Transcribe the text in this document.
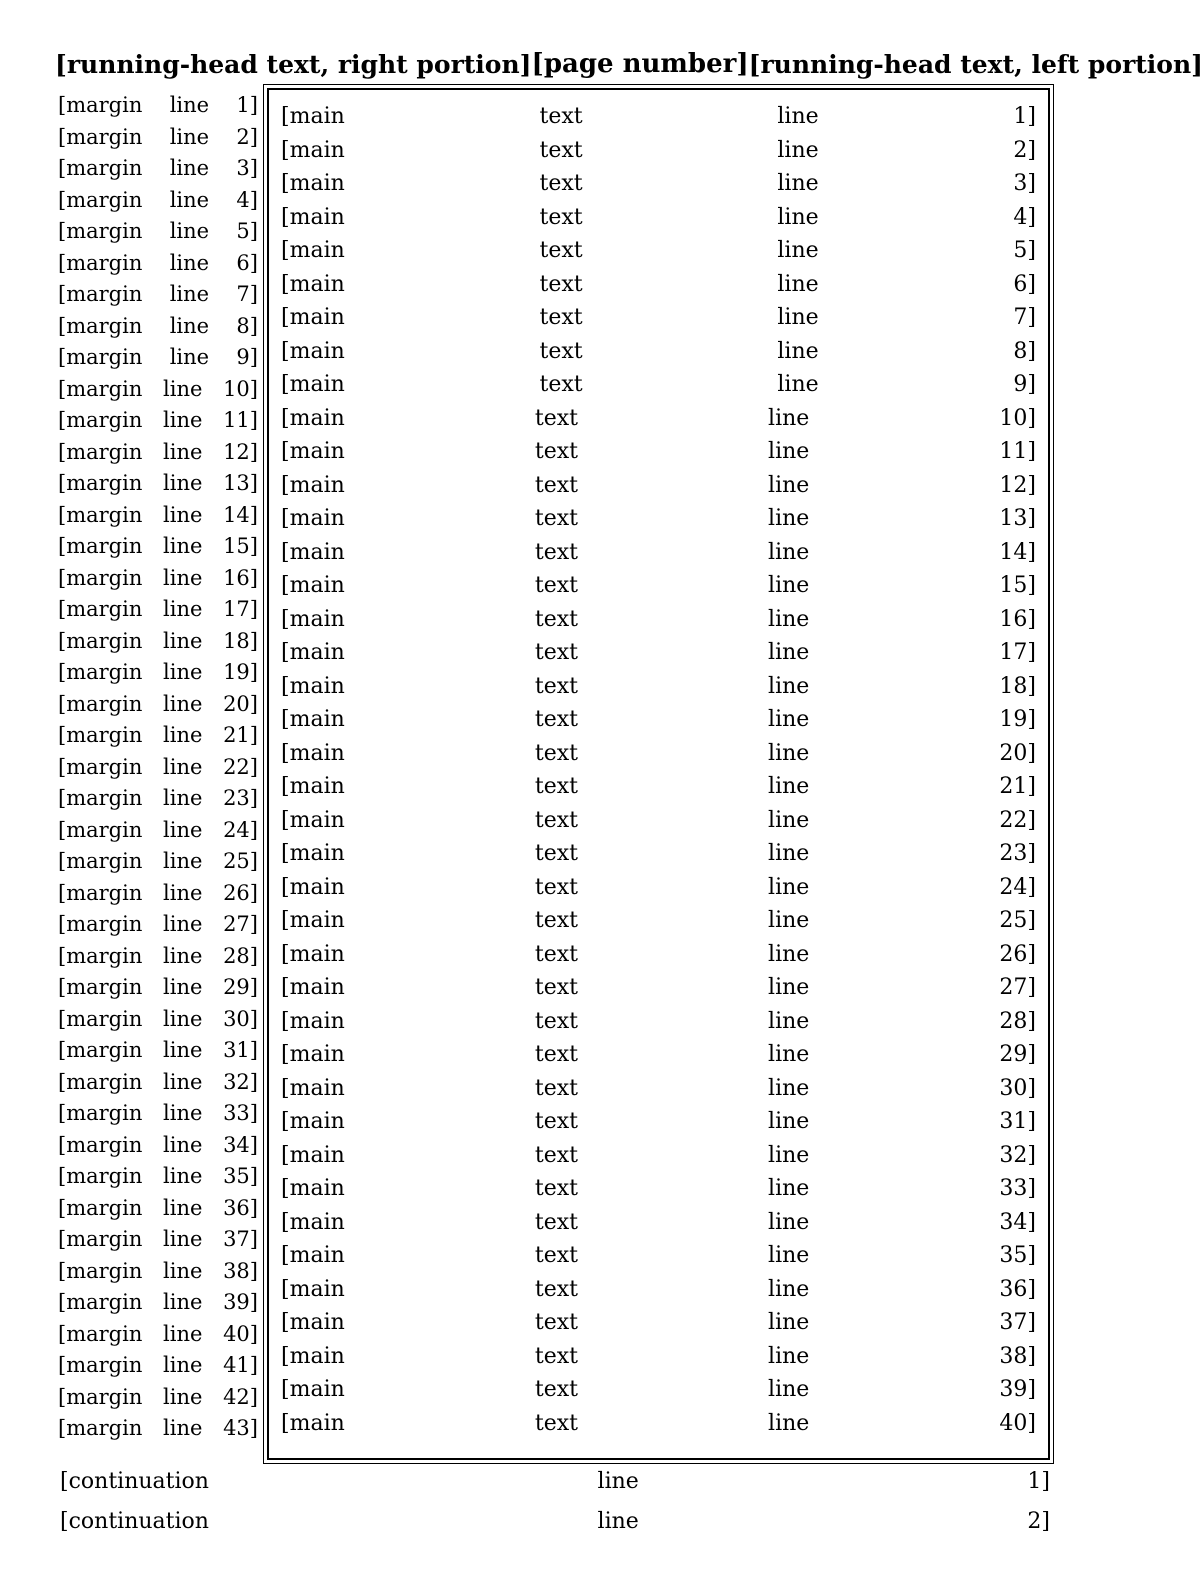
[running-head text, right portion] [page number] [running-head text, left portion]
[main text line 1]
[main text line 2]
[main text line 3]
[main text line 4]
[main text line 5]
[main text line 6]
[main text line 7]
[main text line 8]
[main text line 9]
[main text line 10]
[main text line 11]
[main text line 12]
[main text line 13]
[main text line 14]
[main text line 15]
[main text line 16]
[main text line 17]
[main text line 18]
[main text line 19]
[main text line 20]
[main text line 21]
[main text line 22]
[main text line 23]
[main text line 24]
[main text line 25]
[main text line 26]
[main text line 27]
[main text line 28]
[main text line 29]
[main text line 30]
[main text line 31]
[main text line 32]
[main text line 33]
[main text line 34]
[main text line 35]
[main text line 36]
[main text line 37]
[main text line 38]
[main text line 39]
[main text line 40]
[margin line 1]
[margin line 2]
[margin line 3]
[margin line 4]
[margin line 5]
[margin line 6]
[margin line 7]
[margin line 8]
[margin line 9]
[margin line 10]
[margin line 11]
[margin line 12]
[margin line 13]
[margin line 14]
[margin line 15]
[margin line 16]
[margin line 17]
[margin line 18]
[margin line 19]
[margin line 20]
[margin line 21]
[margin line 22]
[margin line 23]
[margin line 24]
[margin line 25]
[margin line 26]
[margin line 27]
[margin line 28]
[margin line 29]
[margin line 30]
[margin line 31]
[margin line 32]
[margin line 33]
[margin line 34]
[margin line 35]
[margin line 36]
[margin line 37]
[margin line 38]
[margin line 39]
[margin line 40]
[margin line 41]
[margin line 42]
[margin line 43]
[continuation line 1]
[continuation line 2]
